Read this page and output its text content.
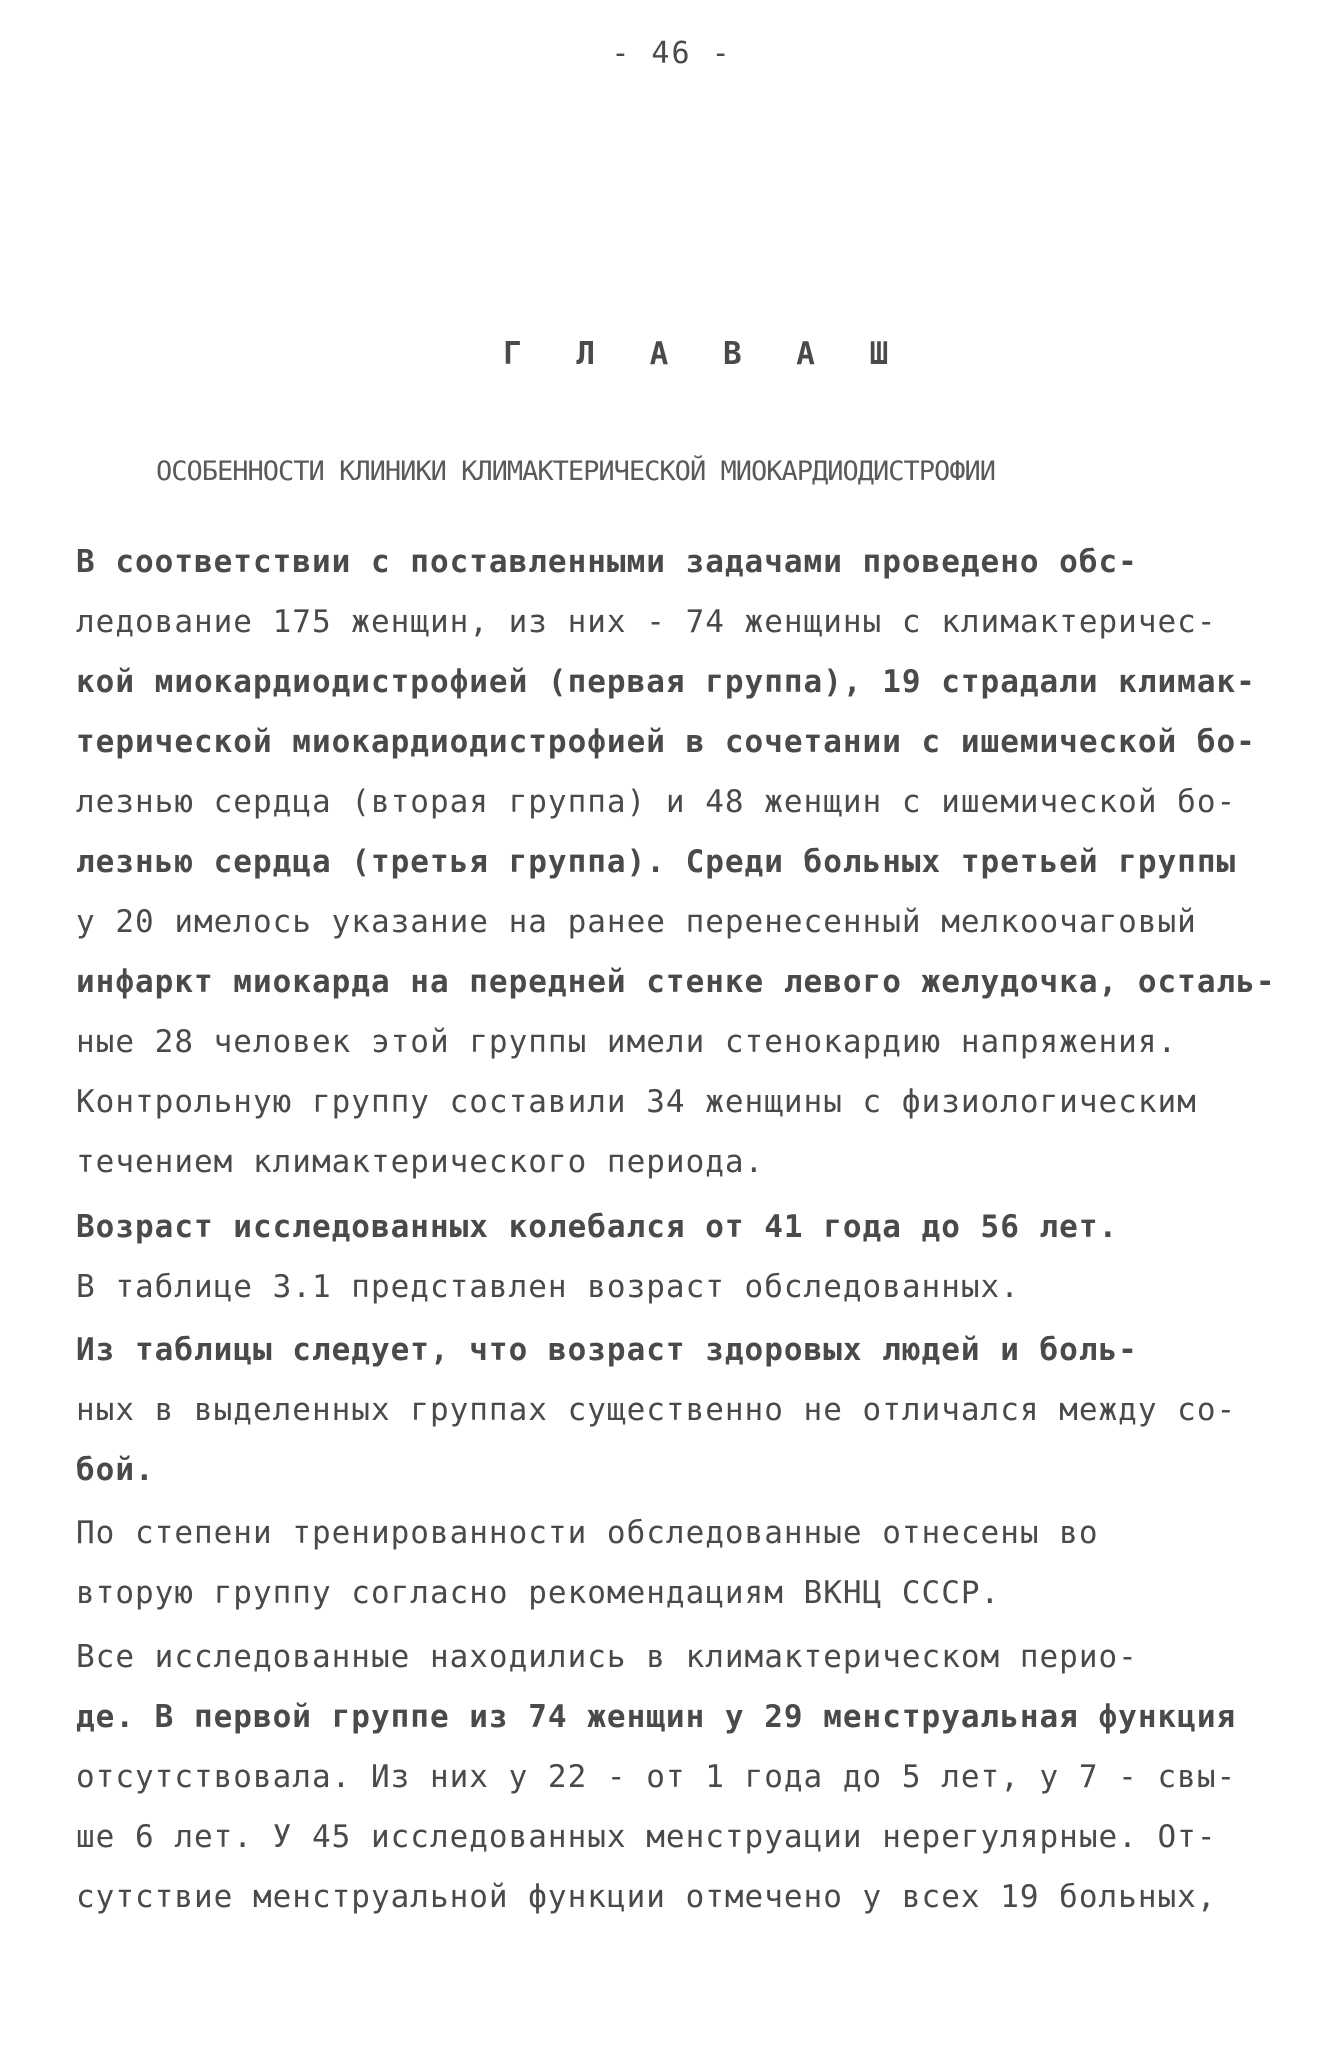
- 46 -
Г Л А В А Ш
ОСОБЕННОСТИ КЛИНИКИ КЛИМАКТЕРИЧЕСКОЙ МИОКАРДИОДИСТРОФИИ
В соответствии с поставленными задачами проведено обс-
ледование 175 женщин, из них - 74 женщины с климактеричес-
кой миокардиодистрофией (первая группа), 19 страдали климак-
терической миокардиодистрофией в сочетании с ишемической бо-
лезнью сердца (вторая группа) и 48 женщин с ишемической бо-
лезнью сердца (третья группа). Среди больных третьей группы
у 20 имелось указание на ранее перенесенный мелкоочаговый
инфаркт миокарда на передней стенке левого желудочка, осталь-
ные 28 человек этой группы имели стенокардию напряжения.
Контрольную группу составили 34 женщины с физиологическим
течением климактерического периода.
Возраст исследованных колебался от 41 года до 56 лет.
В таблице 3.1 представлен возраст обследованных.
Из таблицы следует, что возраст здоровых людей и боль-
ных в выделенных группах существенно не отличался между со-
бой.
По степени тренированности обследованные отнесены во
вторую группу согласно рекомендациям ВКНЦ СССР.
Все исследованные находились в климактерическом перио-
де. В первой группе из 74 женщин у 29 менструальная функция
отсутствовала. Из них у 22 - от 1 года до 5 лет, у 7 - свы-
ше 6 лет. У 45 исследованных менструации нерегулярные. От-
сутствие менструальной функции отмечено у всех 19 больных,
